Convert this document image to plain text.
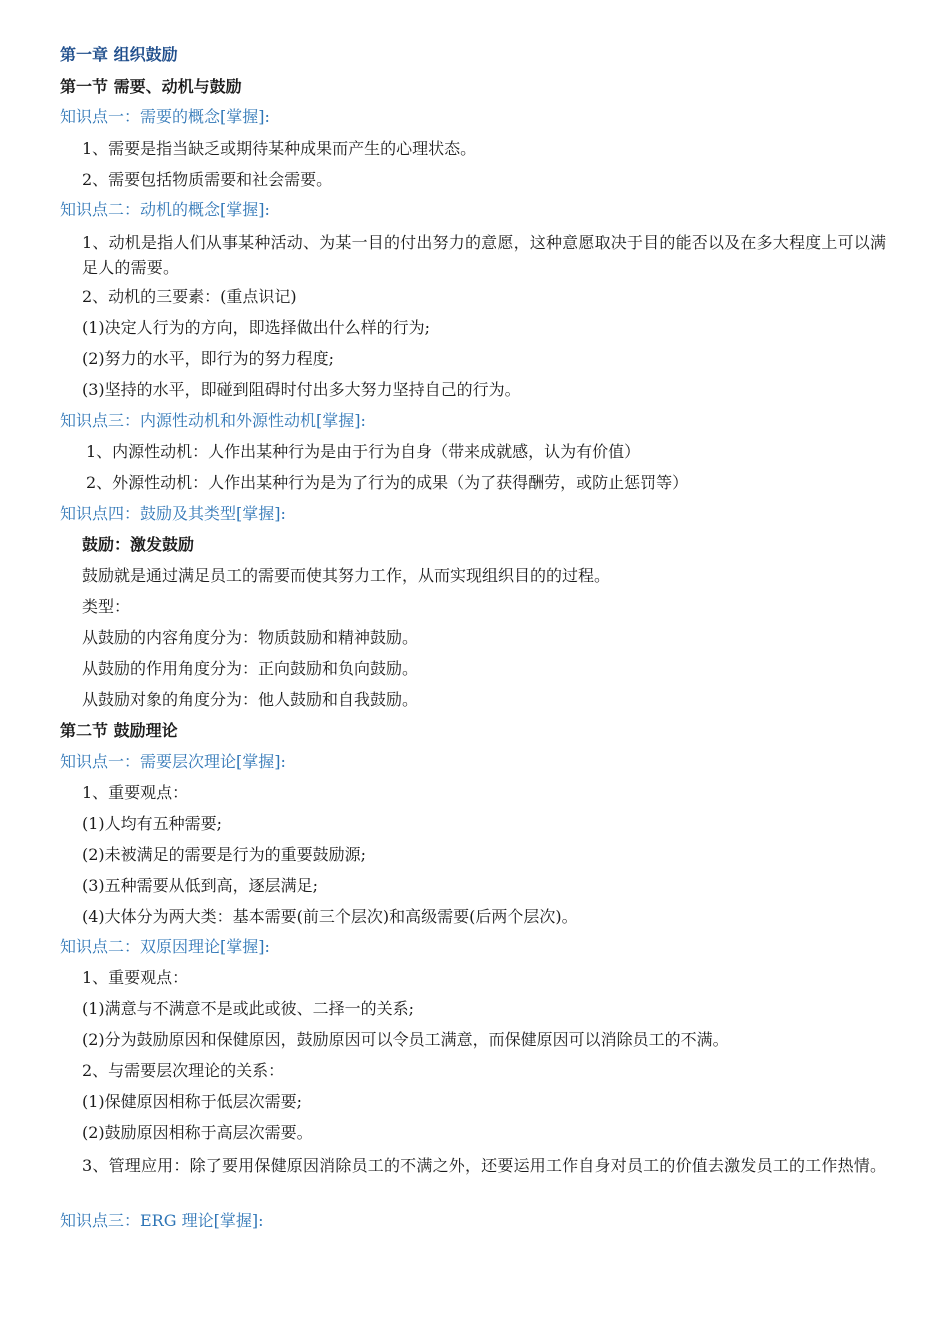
第一章 组织鼓励
第一节 需要、动机与鼓励
知识点一：需要的概念[掌握]:
1、需要是指当缺乏或期待某种成果而产生的心理状态。
2、需要包括物质需要和社会需要。
知识点二：动机的概念[掌握]:
1、动机是指人们从事某种活动、为某一目的付出努力的意愿，这种意愿取决于目的能否以及在多大程度上可以满足人的需要。
2、动机的三要素：(重点识记)
(1)决定人行为的方向，即选择做出什么样的行为;
(2)努力的水平，即行为的努力程度;
(3)坚持的水平，即碰到阻碍时付出多大努力坚持自己的行为。
知识点三：内源性动机和外源性动机[掌握]:
1、内源性动机：人作出某种行为是由于行为自身（带来成就感，认为有价值）
2、外源性动机：人作出某种行为是为了行为的成果（为了获得酬劳，或防止惩罚等）
知识点四：鼓励及其类型[掌握]:
鼓励：激发鼓励
鼓励就是通过满足员工的需要而使其努力工作，从而实现组织目的的过程。
类型：
从鼓励的内容角度分为：物质鼓励和精神鼓励。
从鼓励的作用角度分为：正向鼓励和负向鼓励。
从鼓励对象的角度分为：他人鼓励和自我鼓励。
第二节 鼓励理论
知识点一：需要层次理论[掌握]:
1、重要观点：
(1)人均有五种需要;
(2)未被满足的需要是行为的重要鼓励源;
(3)五种需要从低到高，逐层满足;
(4)大体分为两大类：基本需要(前三个层次)和高级需要(后两个层次)。
知识点二：双原因理论[掌握]:
1、重要观点：
(1)满意与不满意不是或此或彼、二择一的关系;
(2)分为鼓励原因和保健原因，鼓励原因可以令员工满意，而保健原因可以消除员工的不满。
2、与需要层次理论的关系：
(1)保健原因相称于低层次需要;
(2)鼓励原因相称于高层次需要。
3、管理应用：除了要用保健原因消除员工的不满之外，还要运用工作自身对员工的价值去激发员工的工作热情。
知识点三：ERG 理论[掌握]:
